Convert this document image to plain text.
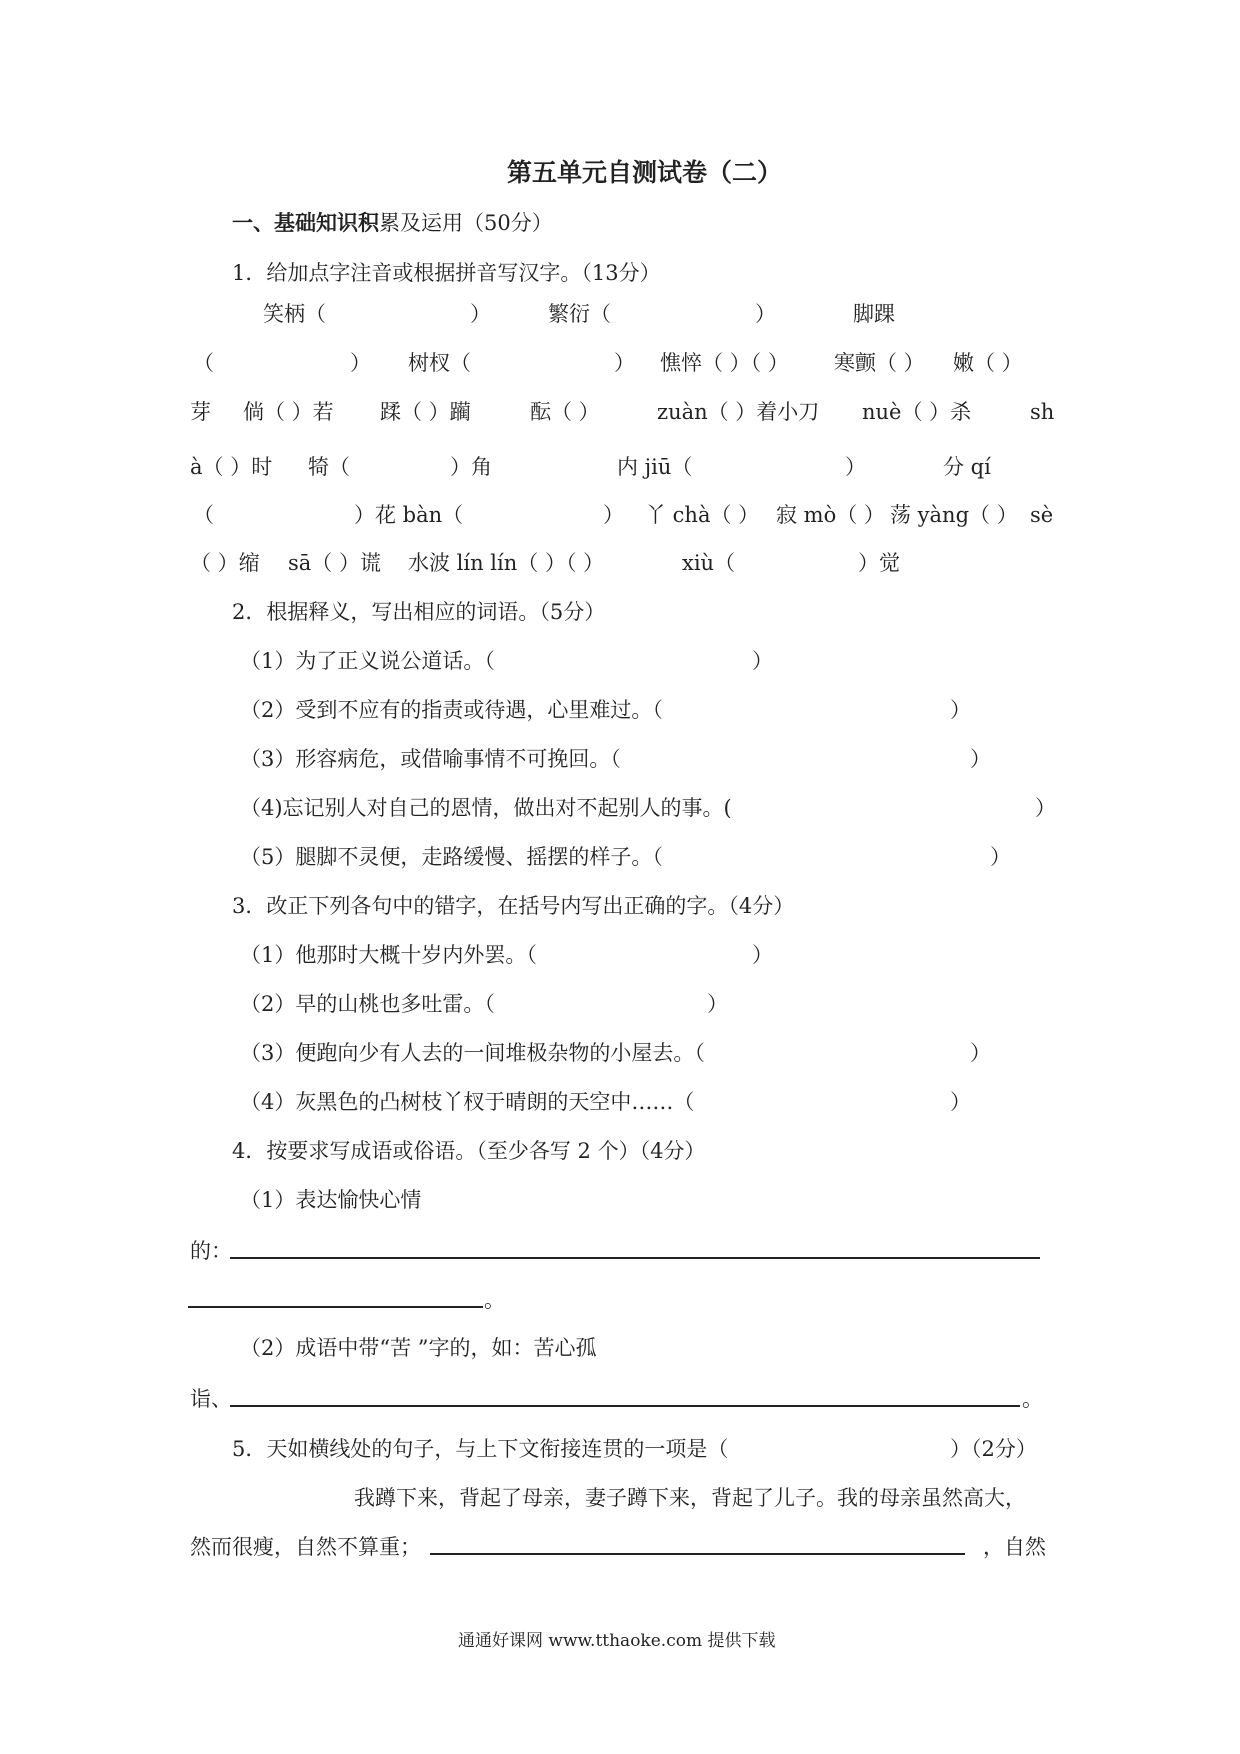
第五单元自测试卷（二）
一、基础知识积累及运用（50分）
1．给加点字注音或根据拼音写汉字。（13分）
笑柄（	）	繁衍（	）	脚踝
（	） 树杈（	） 憔悴（ ）（ ） 寒颤（ ） 嫩（ ）
芽 倘（ ）若 蹂（ ）躏	酝（ ）	zuàn（ ）着小刀 nuè（ ）杀	sh
à（ ）时 犄（	）角	内 jiū（	）	分 qí
（	）花 bàn（	） 丫 chà（ ） 寂 mò（ ） 荡 yàng（ ） sè
（ ）缩 sā（ ）谎 水波 lín lín（ ）（ ）	xiù（	）觉
2．根据释义，写出相应的词语。（5分）
（1）为了正义说公道话。（	）
（2）受到不应有的指责或待遇，心里难过。（	）
（3）形容病危，或借喻事情不可挽回。（	）
（4)忘记别人对自己的恩情，做出对不起别人的事。(	）
（5）腿脚不灵便，走路缓慢、摇摆的样子。（	）
3．改正下列各句中的错字，在括号内写出正确的字。（4分）
（1）他那时大概十岁内外罢。（	）
（2）早的山桃也多吐雷。（	）
（3）便跑向少有人去的一间堆极杂物的小屋去。（	）
（4）灰黑色的凸树枝丫杈于晴朗的天空中……（	）
4．按要求写成语或俗语。（至少各写 2 个）（4分）
（1）表达愉快心情
的：
。
（2）成语中带“苦 ”字的，如：苦心孤
诣、	。
5．天如横线处的句子，与上下文衔接连贯的一项是（	）（2分）
我蹲下来，背起了母亲，妻子蹲下来，背起了儿子。我的母亲虽然高大，
然而很瘦，自然不算重；	，自然
通通好课网 www.tthaoke.com 提供下载
